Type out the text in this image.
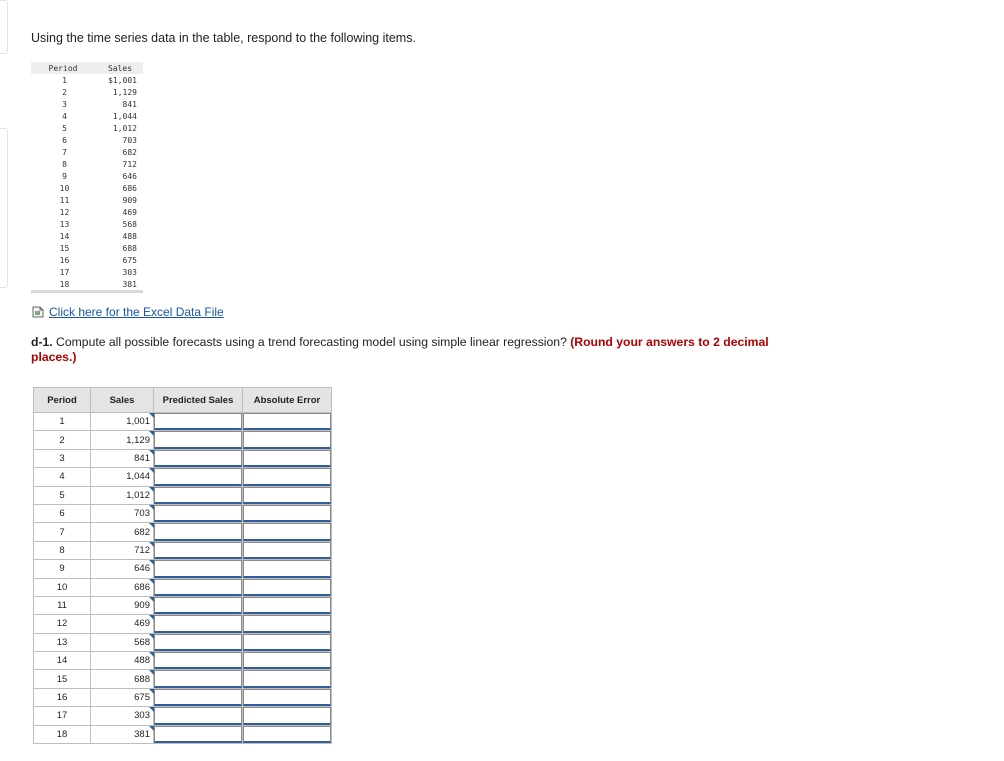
Using the time series data in the table, respond to the following items.
Period	Sales
1	$1,001
2	1,129
3	841
4	1,044
5	1,012
6	703
7	682
8	712
9	646
10	686
11	909
12	469
13	568
14	488
15	688
16	675
17	303
18	381
Click here for the Excel Data File
d-1. Compute all possible forecasts using a trend forecasting model using simple linear regression? (Round your answers to 2 decimal places.)
Period	Sales	Predicted Sales	Absolute Error
1	1,001

2	1,129

3	841

4	1,044

5	1,012

6	703

7	682

8	712

9	646

10	686

11	909

12	469

13	568

14	488

15	688

16	675

17	303

18	381
